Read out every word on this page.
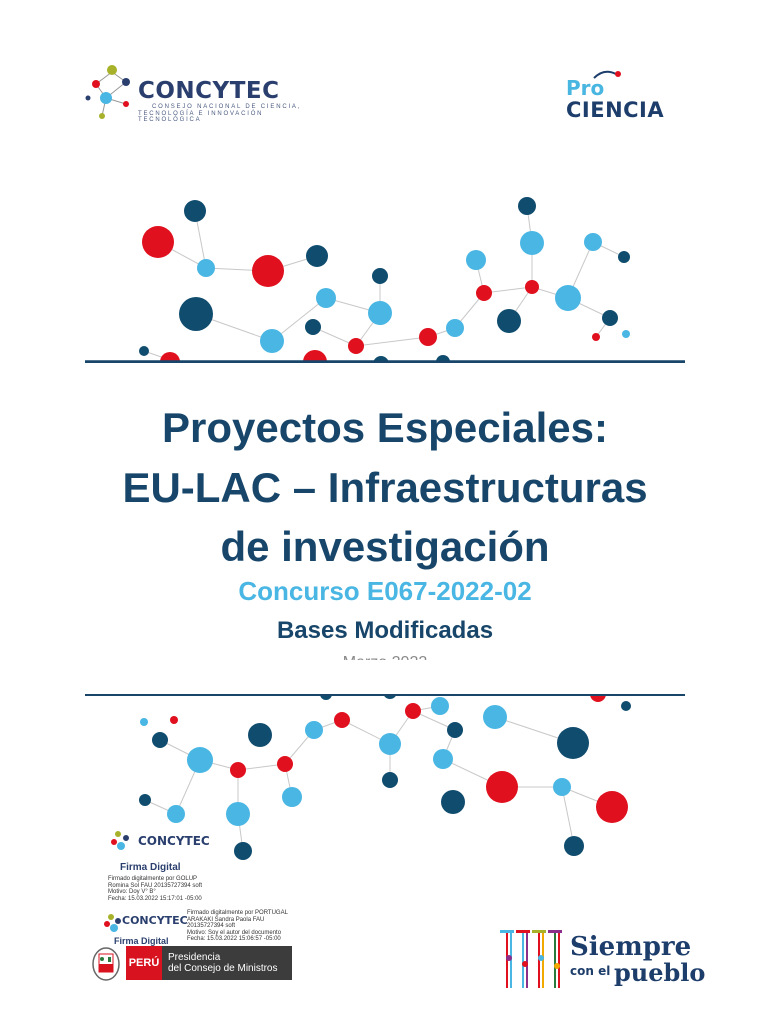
CONCYTEC
CONSEJO NACIONAL DE CIENCIA,
TECNOLOGÍA E INNOVACIÓN TECNOLÓGICA
Pro
CIENCIA
Proyectos Especiales:
EU-LAC – Infraestructuras
de investigación
Concurso E067-2022-02
Bases Modificadas
CONCYTEC
Firma Digital
Firmado digitalmente por GOLUP
Romina Sol FAU 20135727394 soft
Motivo: Doy V° B°
Fecha: 15.03.2022 15:17:01 -05:00
CONCYTEC
Firma Digital
Firmado digitalmente por PORTUGAL
ARAKAKI Sandra Paola FAU
20135727394 soft
Motivo: Soy el autor del documento
Fecha: 15.03.2022 15:06:57 -05:00
PERÚ Presidencia
del Consejo de Ministros
Siempre
con el pueblo
